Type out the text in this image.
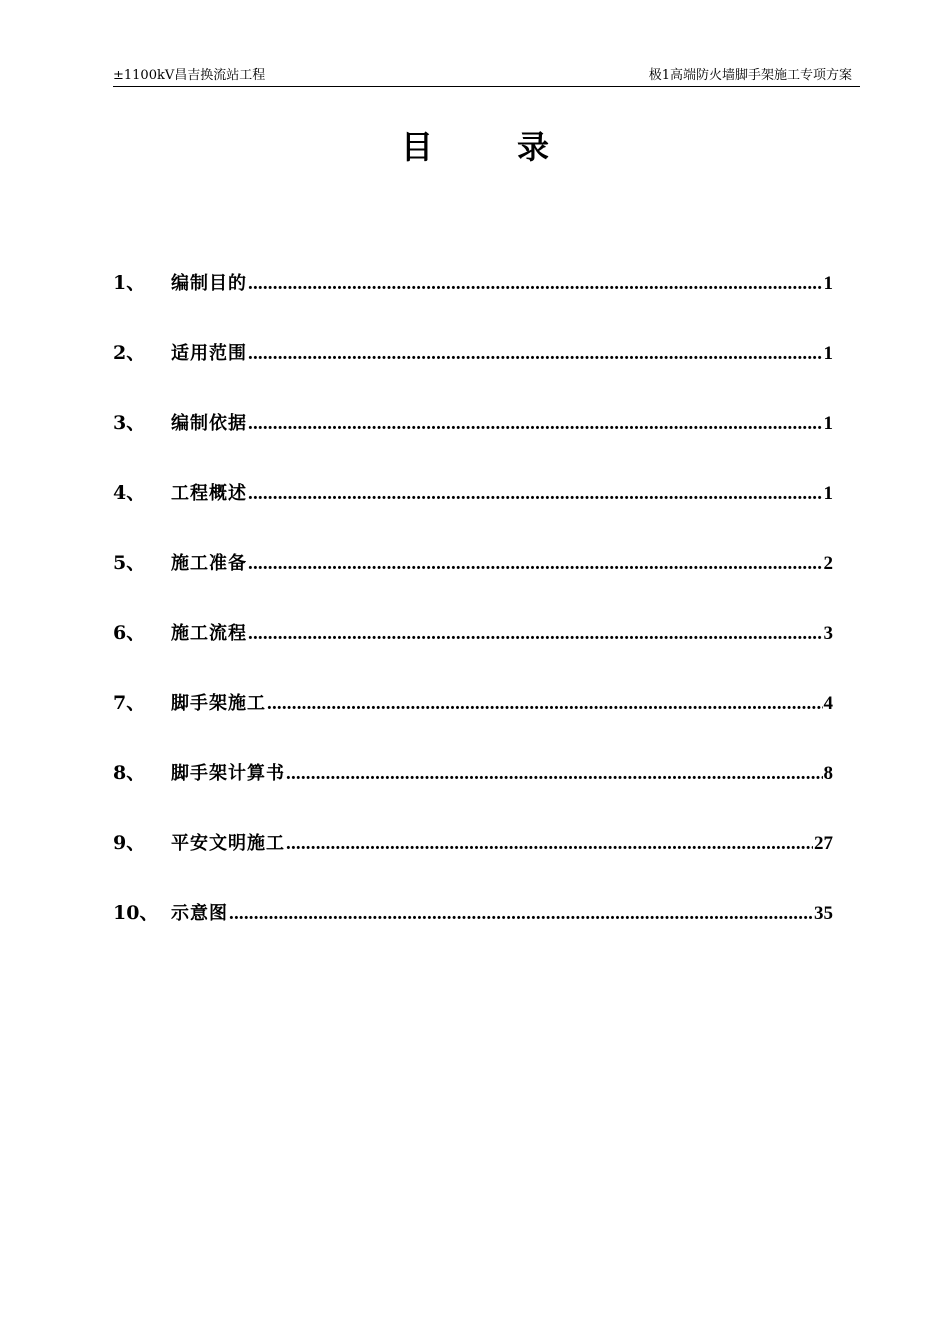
±1100kV昌吉换流站工程	极1高端防火墙脚手架施工专项方案
目录
1、	编制目的 .....	1
2、	适用范围 .....	1
3、	编制依据 .....	1
4、	工程概述 .....	1
5、	施工准备 .....	2
6、	施工流程 .....	3
7、	脚手架施工 .....	4
8、	脚手架计算书 .....	8
9、	平安文明施工 .....	27
10、 示意图 .....	35
